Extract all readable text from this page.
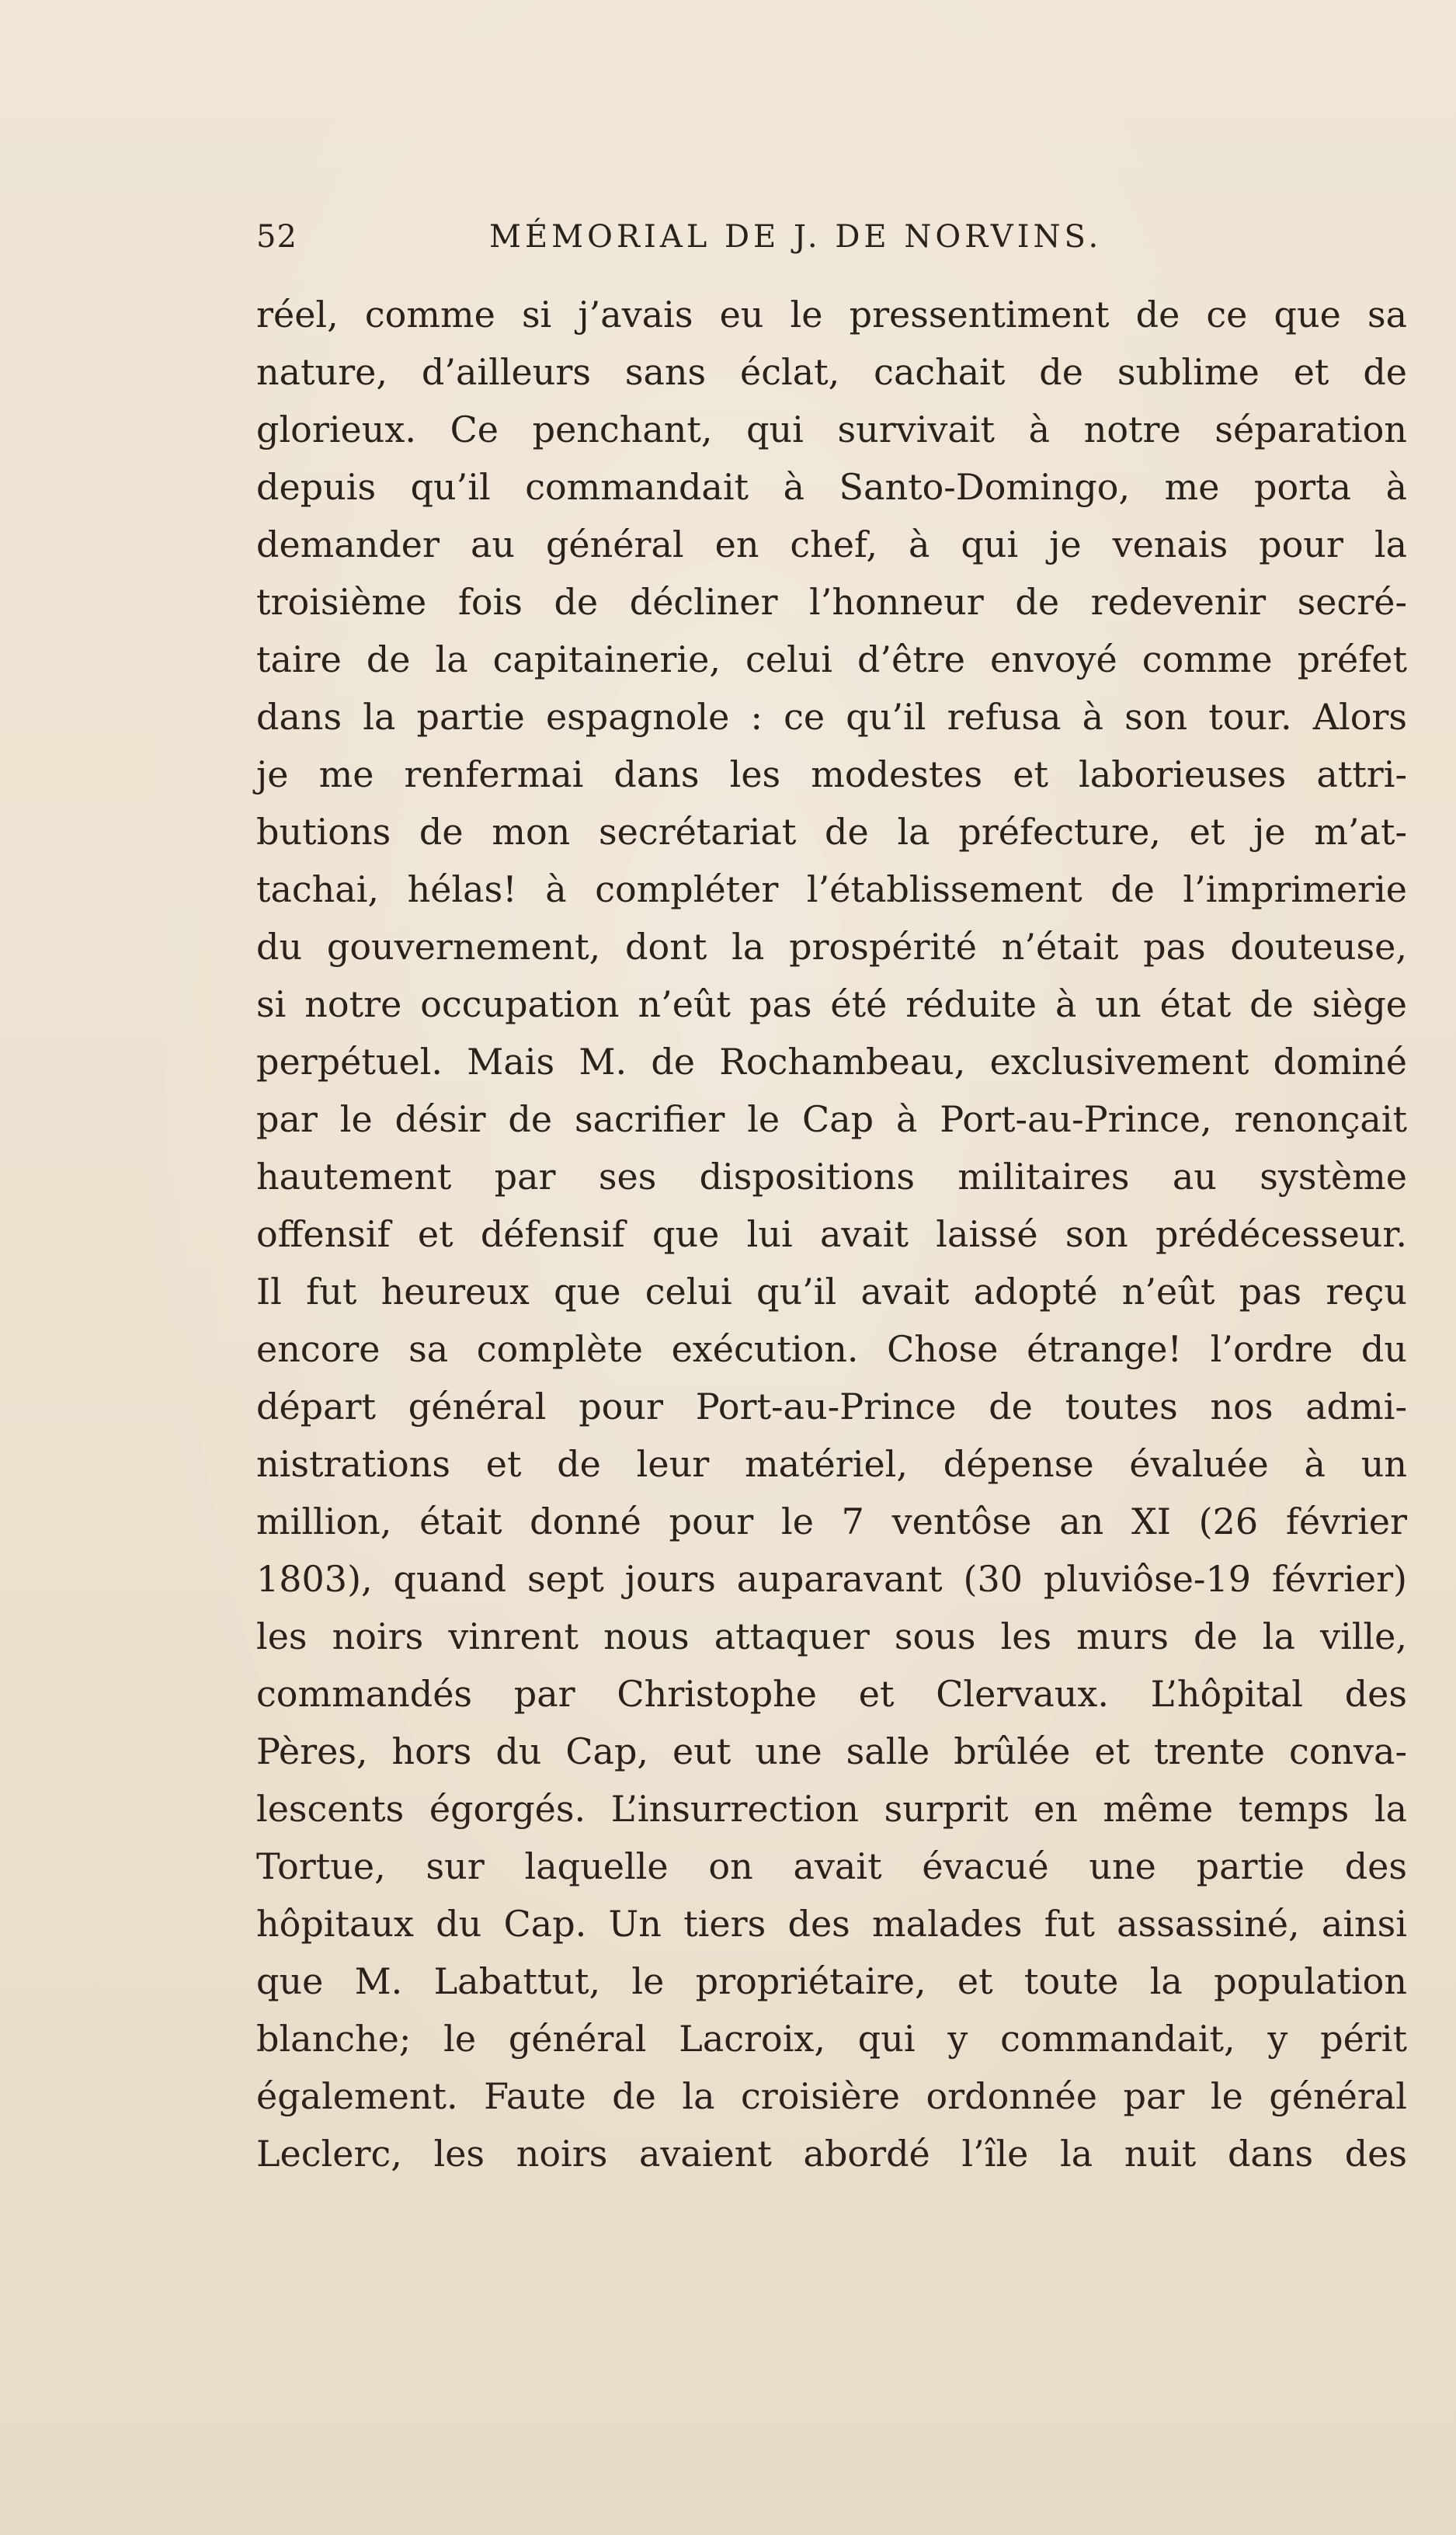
52	MÉMORIAL DE J. DE NORVINS.
réel, comme si j’avais eu le pressentiment de ce que sa
nature, d’ailleurs sans éclat, cachait de sublime et de
glorieux. Ce penchant, qui survivait à notre séparation
depuis qu’il commandait à Santo-Domingo, me porta à
demander au général en chef, à qui je venais pour la
troisième fois de décliner l’honneur de redevenir secré-
taire de la capitainerie, celui d’être envoyé comme préfet
dans la partie espagnole : ce qu’il refusa à son tour. Alors
je me renfermai dans les modestes et laborieuses attri-
butions de mon secrétariat de la préfecture, et je m’at-
tachai, hélas! à compléter l’établissement de l’imprimerie
du gouvernement, dont la prospérité n’était pas douteuse,
si notre occupation n’eût pas été réduite à un état de siège
perpétuel. Mais M. de Rochambeau, exclusivement dominé
par le désir de sacrifier le Cap à Port-au-Prince, renonçait
hautement par ses dispositions militaires au système
offensif et défensif que lui avait laissé son prédécesseur.
Il fut heureux que celui qu’il avait adopté n’eût pas reçu
encore sa complète exécution. Chose étrange! l’ordre du
départ général pour Port-au-Prince de toutes nos admi-
nistrations et de leur matériel, dépense évaluée à un
million, était donné pour le 7 ventôse an XI (26 février
1803), quand sept jours auparavant (30 pluviôse-19 février)
les noirs vinrent nous attaquer sous les murs de la ville,
commandés par Christophe et Clervaux. L’hôpital des
Pères, hors du Cap, eut une salle brûlée et trente conva-
lescents égorgés. L’insurrection surprit en même temps la
Tortue, sur laquelle on avait évacué une partie des
hôpitaux du Cap. Un tiers des malades fut assassiné, ainsi
que M. Labattut, le propriétaire, et toute la population
blanche; le général Lacroix, qui y commandait, y périt
également. Faute de la croisière ordonnée par le général
Leclerc, les noirs avaient abordé l’île la nuit dans des
